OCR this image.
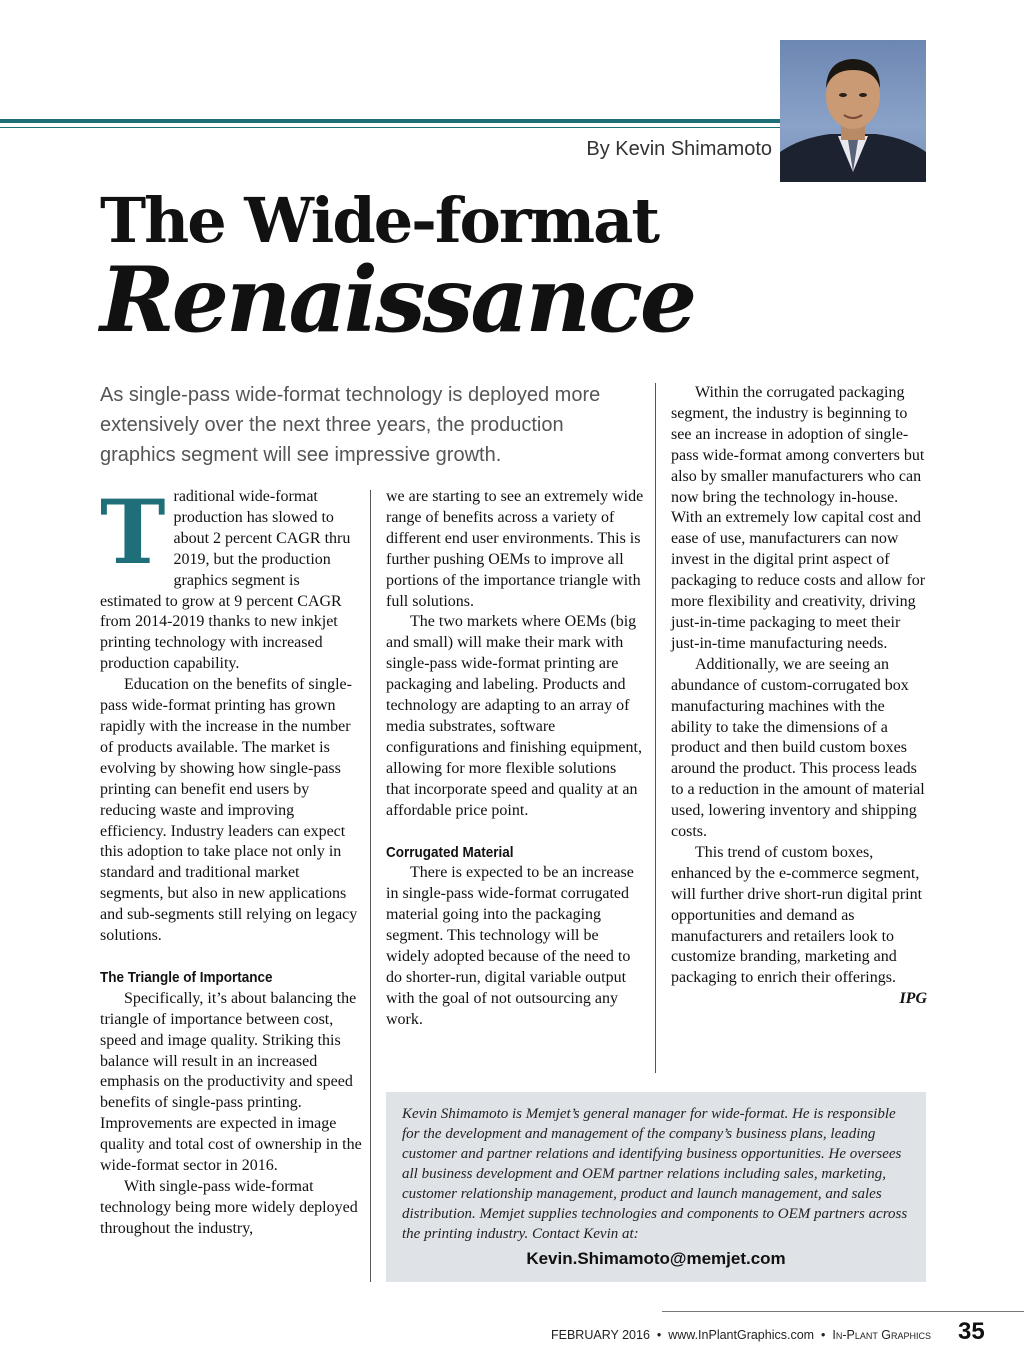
By Kevin Shimamoto
The Wide-format
Renaissance
As single-pass wide-format technology is deployed more extensively over the next three years, the production graphics segment will see impressive growth.

Traditional wide-format production has slowed to about 2 percent CAGR thru 2019, but the production graphics segment is estimated to grow at 9 percent CAGR from 2014-2019 thanks to new inkjet printing technology with increased production capability.

Education on the benefits of single-pass wide-format printing has grown rapidly with the increase in the number of products available. The market is evolving by showing how single-pass printing can benefit end users by reducing waste and improving efficiency. Industry leaders can expect this adoption to take place not only in standard and traditional market segments, but also in new applications and sub-segments still relying on legacy solutions.

The Triangle of Importance

Specifically, it’s about balancing the triangle of importance between cost, speed and image quality. Striking this balance will result in an increased emphasis on the productivity and speed benefits of single-pass printing. Improvements are expected in image quality and total cost of ownership in the wide-format sector in 2016.

With single-pass wide-format technology being more widely deployed throughout the industry,

we are starting to see an extremely wide range of benefits across a variety of different end user environments. This is further pushing OEMs to improve all portions of the importance triangle with full solutions.

The two markets where OEMs (big and small) will make their mark with single-pass wide-format printing are packaging and labeling. Products and technology are adapting to an array of media substrates, software configurations and finishing equipment, allowing for more flexible solutions that incorporate speed and quality at an affordable price point.

Corrugated Material

There is expected to be an increase in single-pass wide-format corrugated material going into the packaging segment. This technology will be widely adopted because of the need to do shorter-run, digital variable output with the goal of not outsourcing any work.

Within the corrugated packaging segment, the industry is beginning to see an increase in adoption of single-pass wide-format among converters but also by smaller manufacturers who can now bring the technology in-house. With an extremely low capital cost and ease of use, manufacturers can now invest in the digital print aspect of packaging to reduce costs and allow for more flexibility and creativity, driving just-in-time packaging to meet their just-in-time manufacturing needs.

Additionally, we are seeing an abundance of custom-corrugated box manufacturing machines with the ability to take the dimensions of a product and then build custom boxes around the product. This process leads to a reduction in the amount of material used, lowering inventory and shipping costs.

This trend of custom boxes, enhanced by the e-commerce segment, will further drive short-run digital print opportunities and demand as manufacturers and retailers look to customize branding, marketing and packaging to enrich their offerings.
IPG

Kevin Shimamoto is Memjet’s general manager for wide-format. He is responsible for the development and management of the company’s business plans, leading customer and partner relations and identifying business opportunities. He oversees all business development and OEM partner relations including sales, marketing, customer relationship management, product and launch management, and sales distribution. Memjet supplies technologies and components to OEM partners across the printing industry. Contact Kevin at:
Kevin.Shimamoto@memjet.com
FEBRUARY 2016  •  www.InPlantGraphics.com  •  In-Plant Graphics 35
